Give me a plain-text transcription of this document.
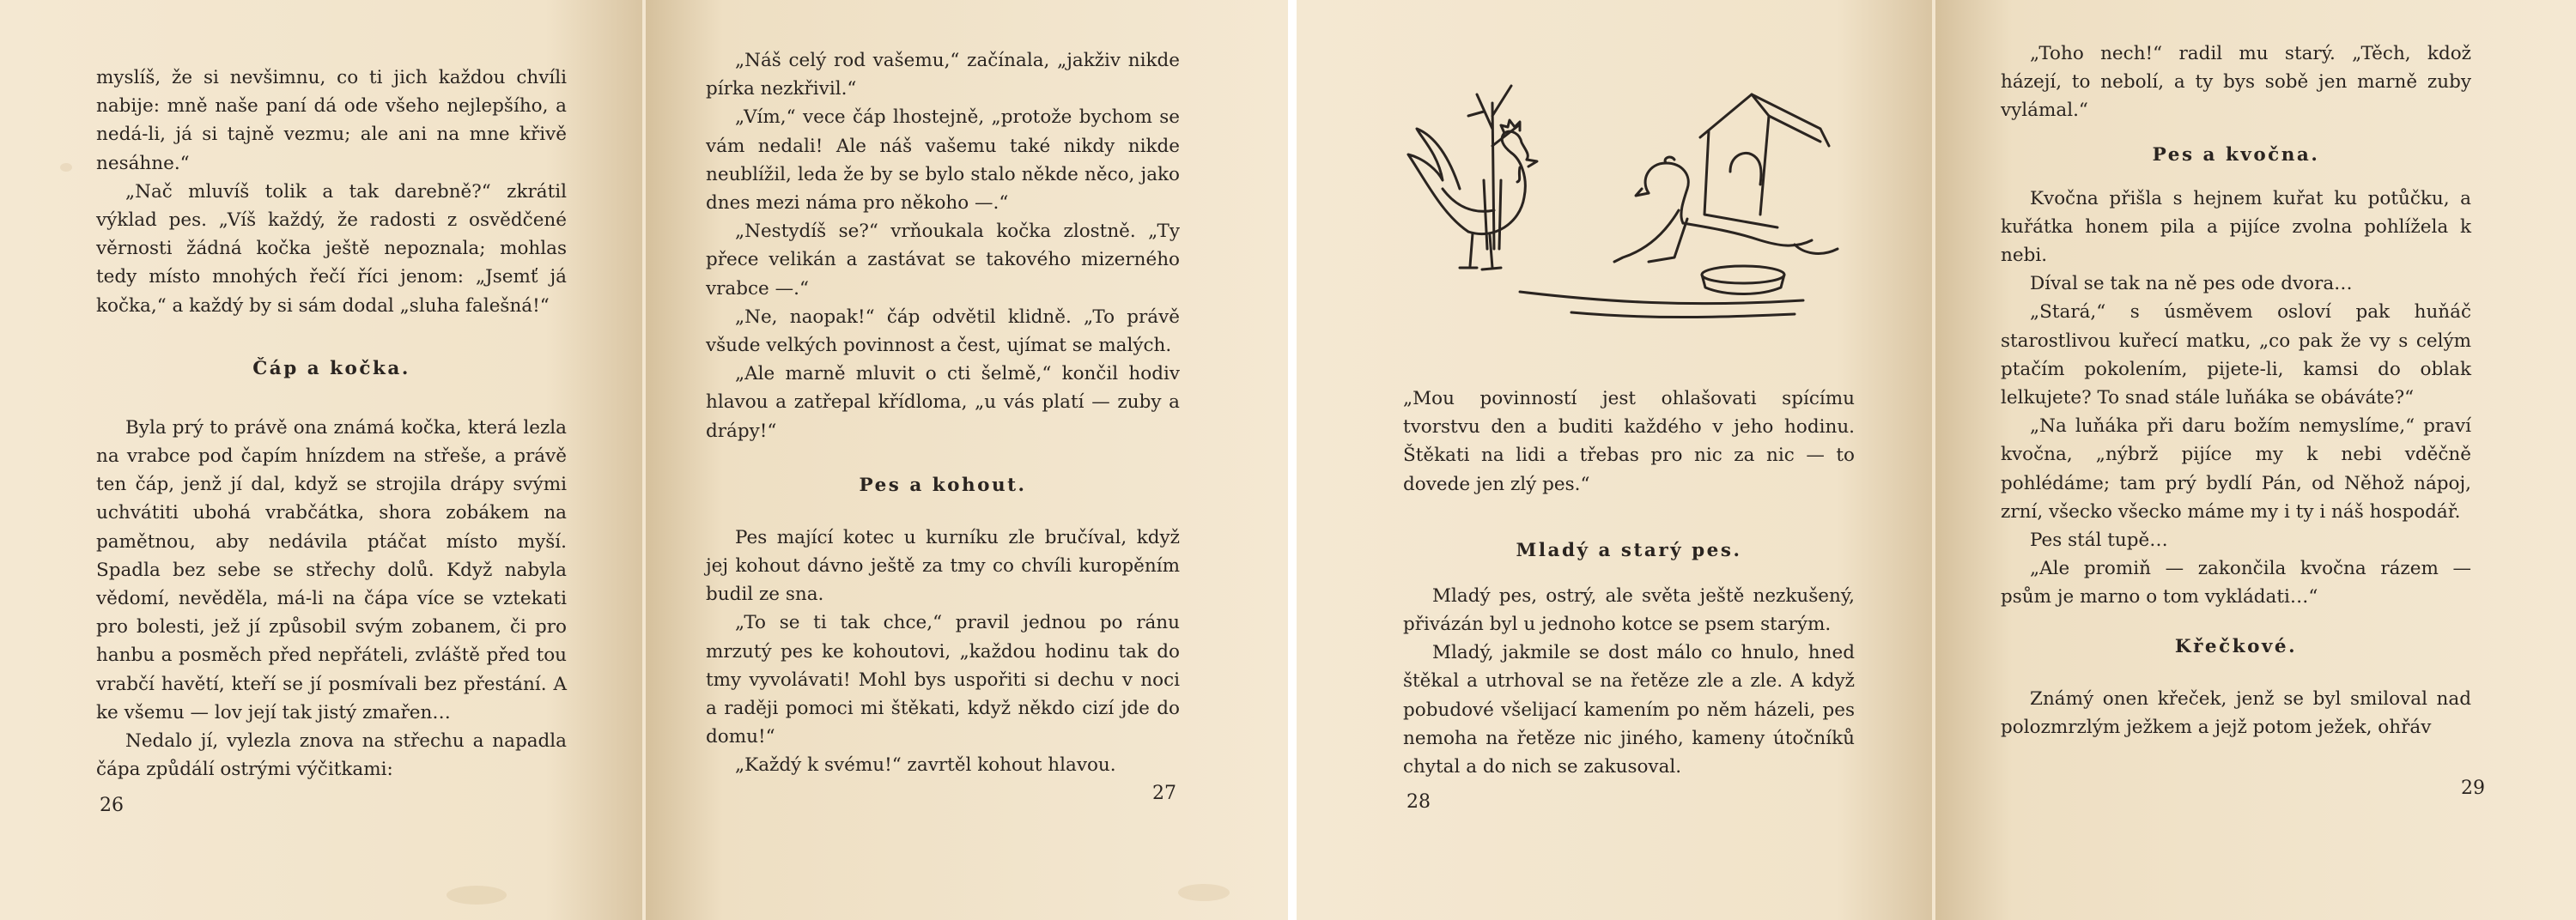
myslíš, že si nevšimnu, co ti jich každou chvíli nabije: mně naše paní dá ode všeho nejlepšího, a nedá-li, já si tajně vezmu; ale ani na mne křivě nesáhne.“

„Nač mluvíš tolik a tak darebně?“ zkrátil výklad pes. „Víš každý, že radosti z osvědčené věrnosti žádná kočka ještě nepoznala; mohlas tedy místo mnohých řečí říci jenom: „Jsemť já kočka,“ a každý by si sám dodal „sluha falešná!“

Čáp a kočka.

Byla prý to právě ona známá kočka, která lezla na vrabce pod čapím hnízdem na střeše, a právě ten čáp, jenž jí dal, když se strojila drápy svými uchvátiti ubohá vrabčátka, shora zobákem na pamětnou, aby nedávila ptáčat místo myší. Spadla bez sebe se střechy dolů. Když nabyla vědomí, nevěděla, má-li na čápa více se vztekati pro bolesti, jež jí způsobil svým zobanem, či pro hanbu a posměch před nepřáteli, zvláště před tou vrabčí havětí, kteří se jí posmívali bez přestání. A ke všemu — lov její tak jistý zmařen…

Nedalo jí, vylezla znova na střechu a napadla čápa způdálí ostrými výčitkami:

26

„Náš celý rod vašemu,“ začínala, „jakživ nikde pírka nezkřivil.“

„Vím,“ vece čáp lhostejně, „protože bychom se vám nedali! Ale náš vašemu také nikdy nikde neublížil, leda že by se bylo stalo někde něco, jako dnes mezi námа pro někoho —.“

„Nestydíš se?“ vrňoukala kočka zlostně. „Ty přece velikán a zastávat se takového mizerného vrabce —.“

„Ne, naopak!“ čáp odvětil klidně. „To právě všude velkých povinnost a čest, ujímat se malých.

„Ale marně mluvit o cti šelmě,“ končil hodiv hlavou a zatřepal křídloma, „u vás platí — zuby a drápy!“

Pes a kohout.

Pes mající kotec u kurníku zle bručíval, když jej kohout dávno ještě za tmy co chvíli kuropěním budil ze sna.

„To se ti tak chce,“ pravil jednou po ránu mrzutý pes ke kohoutovi, „každou hodinu tak do tmy vyvolávati! Mohl bys uspořiti si dechu v noci a raději pomoci mi štěkati, když někdo cizí jde do domu!“

„Každý k svému!“ zavrtěl kohout hlavou.

27

„Mou povinností jest ohlašovati spícímu tvorstvu den a buditi každého v jeho hodinu. Štěkati na lidi a třebas pro nic za nic — to dovede jen zlý pes.“

Mladý a starý pes.

Mladý pes, ostrý, ale světa ještě nezkušený, přivázán byl u jednoho kotce se psem starým.

Mladý, jakmile se dost málo co hnulo, hned štěkal a utrhoval se na řetěze zle a zle. A když pobudové všelijací kamením po něm házeli, pes nemoha na řetěze nic jiného, kameny útočníků chytal a do nich se zakusoval.

28

„Toho nech!“ radil mu starý. „Těch, kdož házejí, to nebolí, a ty bys sobě jen marně zuby vylámal.“

Pes a kvočna.

Kvočna přišla s hejnem kuřat ku potůčku, a kuřátka honem pila a pijíce zvolna pohlížela k nebi.

Díval se tak na ně pes ode dvora…

„Stará,“ s úsměvem osloví pak huňáč starostlivou kuřecí matku, „co pak že vy s celým ptačím pokolením, pijete-li, kamsi do oblak lelkujete? To snad stále luňáka se obáváte?“

„Na luňáka při daru božím nemyslíme,“ praví kvočna, „nýbrž pijíce my k nebi vděčně pohlédáme; tam prý bydlí Pán, od Něhož nápoj, zrní, všecko všecko máme my i ty i náš hospodář.

Pes stál tupě…

„Ale promiň — zakončila kvočna rázem — psům je marno o tom vykládati…“

Křečkové.

Známý onen křeček, jenž se byl smiloval nad polozmrzlým ježkem a jejž potom ježek, ohřáv

29
